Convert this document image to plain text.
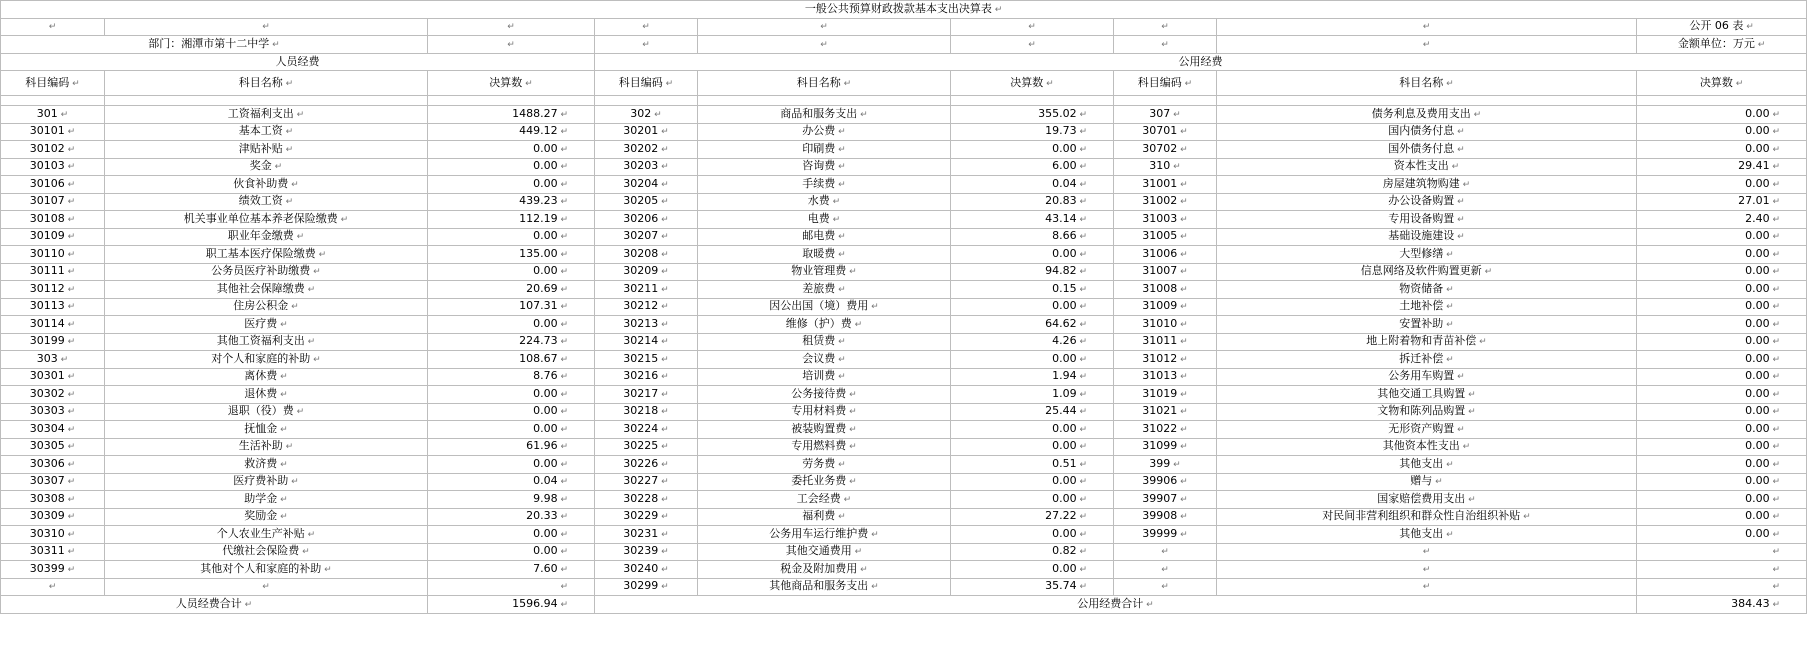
一般公共预算财政拨款基本支出决算表 ↵
↵	↵	↵	↵	↵	↵	↵	↵	公开 06 表 ↵
部门：湘潭市第十二中学 ↵	↵	↵	↵	↵	↵	↵		金额单位：万元 ↵
人员经费			公用经费					
科目编码 ↵	科目名称 ↵	决算数 ↵	科目编码 ↵	科目名称 ↵	决算数 ↵	科目编码 ↵	科目名称 ↵	决算数 ↵

301 ↵	工资福利支出 ↵	1488.27 ↵	302 ↵	商品和服务支出 ↵	355.02 ↵	307 ↵	债务利息及费用支出 ↵	0.00 ↵
30101 ↵	基本工资 ↵	449.12 ↵	30201 ↵	办公费 ↵	19.73 ↵	30701 ↵	国内债务付息 ↵	0.00 ↵
30102 ↵	津贴补贴 ↵	0.00 ↵	30202 ↵	印刷费 ↵	0.00 ↵	30702 ↵	国外债务付息 ↵	0.00 ↵
30103 ↵	奖金 ↵	0.00 ↵	30203 ↵	咨询费 ↵	6.00 ↵	310 ↵	资本性支出 ↵	29.41 ↵
30106 ↵	伙食补助费 ↵	0.00 ↵	30204 ↵	手续费 ↵	0.04 ↵	31001 ↵	房屋建筑物购建 ↵	0.00 ↵
30107 ↵	绩效工资 ↵	439.23 ↵	30205 ↵	水费 ↵	20.83 ↵	31002 ↵	办公设备购置 ↵	27.01 ↵
30108 ↵	机关事业单位基本养老保险缴费 ↵	112.19 ↵	30206 ↵	电费 ↵	43.14 ↵	31003 ↵	专用设备购置 ↵	2.40 ↵
30109 ↵	职业年金缴费 ↵	0.00 ↵	30207 ↵	邮电费 ↵	8.66 ↵	31005 ↵	基础设施建设 ↵	0.00 ↵
30110 ↵	职工基本医疗保险缴费 ↵	135.00 ↵	30208 ↵	取暖费 ↵	0.00 ↵	31006 ↵	大型修缮 ↵	0.00 ↵
30111 ↵	公务员医疗补助缴费 ↵	0.00 ↵	30209 ↵	物业管理费 ↵	94.82 ↵	31007 ↵	信息网络及软件购置更新 ↵	0.00 ↵
30112 ↵	其他社会保障缴费 ↵	20.69 ↵	30211 ↵	差旅费 ↵	0.15 ↵	31008 ↵	物资储备 ↵	0.00 ↵
30113 ↵	住房公积金 ↵	107.31 ↵	30212 ↵	因公出国（境）费用 ↵	0.00 ↵	31009 ↵	土地补偿 ↵	0.00 ↵
30114 ↵	医疗费 ↵	0.00 ↵	30213 ↵	维修（护）费 ↵	64.62 ↵	31010 ↵	安置补助 ↵	0.00 ↵
30199 ↵	其他工资福利支出 ↵	224.73 ↵	30214 ↵	租赁费 ↵	4.26 ↵	31011 ↵	地上附着物和青苗补偿 ↵	0.00 ↵
303 ↵	对个人和家庭的补助 ↵	108.67 ↵	30215 ↵	会议费 ↵	0.00 ↵	31012 ↵	拆迁补偿 ↵	0.00 ↵
30301 ↵	离休费 ↵	8.76 ↵	30216 ↵	培训费 ↵	1.94 ↵	31013 ↵	公务用车购置 ↵	0.00 ↵
30302 ↵	退休费 ↵	0.00 ↵	30217 ↵	公务接待费 ↵	1.09 ↵	31019 ↵	其他交通工具购置 ↵	0.00 ↵
30303 ↵	退职（役）费 ↵	0.00 ↵	30218 ↵	专用材料费 ↵	25.44 ↵	31021 ↵	文物和陈列品购置 ↵	0.00 ↵
30304 ↵	抚恤金 ↵	0.00 ↵	30224 ↵	被装购置费 ↵	0.00 ↵	31022 ↵	无形资产购置 ↵	0.00 ↵
30305 ↵	生活补助 ↵	61.96 ↵	30225 ↵	专用燃料费 ↵	0.00 ↵	31099 ↵	其他资本性支出 ↵	0.00 ↵
30306 ↵	救济费 ↵	0.00 ↵	30226 ↵	劳务费 ↵	0.51 ↵	399 ↵	其他支出 ↵	0.00 ↵
30307 ↵	医疗费补助 ↵	0.04 ↵	30227 ↵	委托业务费 ↵	0.00 ↵	39906 ↵	赠与 ↵	0.00 ↵
30308 ↵	助学金 ↵	9.98 ↵	30228 ↵	工会经费 ↵	0.00 ↵	39907 ↵	国家赔偿费用支出 ↵	0.00 ↵
30309 ↵	奖励金 ↵	20.33 ↵	30229 ↵	福利费 ↵	27.22 ↵	39908 ↵	对民间非营利组织和群众性自治组织补贴 ↵	0.00 ↵
30310 ↵	个人农业生产补贴 ↵	0.00 ↵	30231 ↵	公务用车运行维护费 ↵	0.00 ↵	39999 ↵	其他支出 ↵	0.00 ↵
30311 ↵	代缴社会保险费 ↵	0.00 ↵	30239 ↵	其他交通费用 ↵	0.82 ↵	↵	↵	↵
30399 ↵	其他对个人和家庭的补助 ↵	7.60 ↵	30240 ↵	税金及附加费用 ↵	0.00 ↵	↵	↵	↵
↵	↵	↵	30299 ↵	其他商品和服务支出 ↵	35.74 ↵	↵	↵	↵
人员经费合计 ↵		1596.94 ↵	公用经费合计 ↵					384.43 ↵
